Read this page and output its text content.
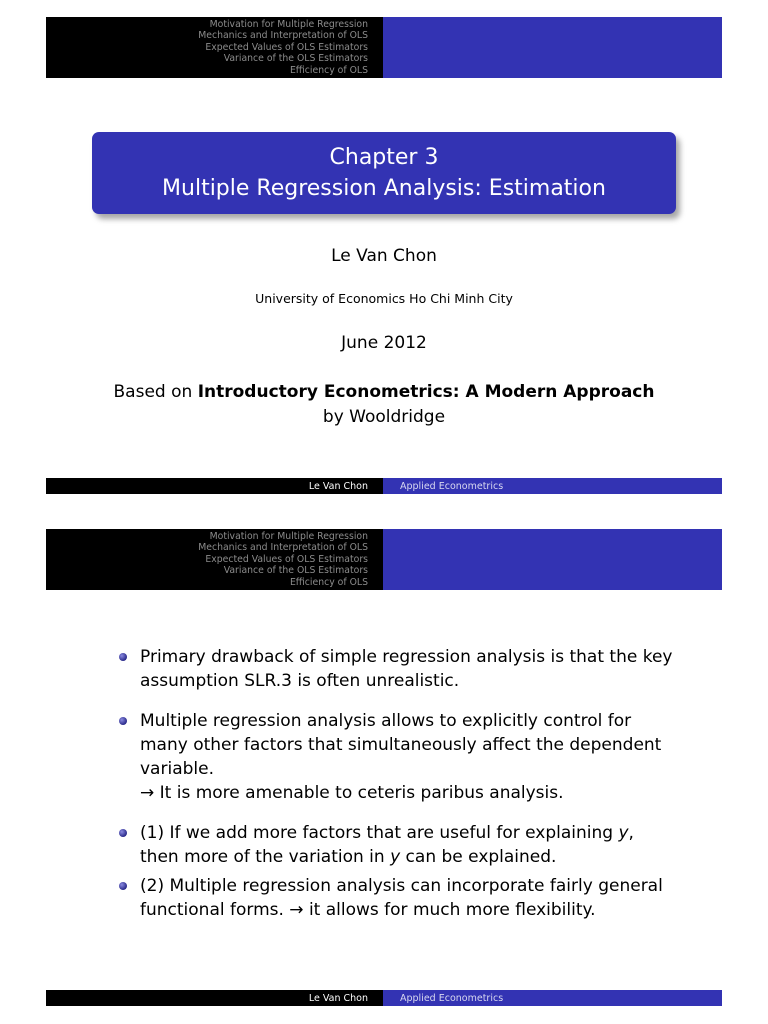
Motivation for Multiple Regression
Mechanics and Interpretation of OLS
Expected Values of OLS Estimators
Variance of the OLS Estimators
Efficiency of OLS
Chapter 3
Multiple Regression Analysis: Estimation
Le Van Chon
University of Economics Ho Chi Minh City
June 2012
Based on Introductory Econometrics: A Modern Approach
by Wooldridge
Le Van Chon	Applied Econometrics
Motivation for Multiple Regression
Mechanics and Interpretation of OLS
Expected Values of OLS Estimators
Variance of the OLS Estimators
Efficiency of OLS
Primary drawback of simple regression analysis is that the key assumption SLR.3 is often unrealistic.
Multiple regression analysis allows to explicitly control for many other factors that simultaneously affect the dependent variable.
→ It is more amenable to ceteris paribus analysis.
(1) If we add more factors that are useful for explaining y, then more of the variation in y can be explained.
(2) Multiple regression analysis can incorporate fairly general functional forms. → it allows for much more flexibility.
Le Van Chon	Applied Econometrics
